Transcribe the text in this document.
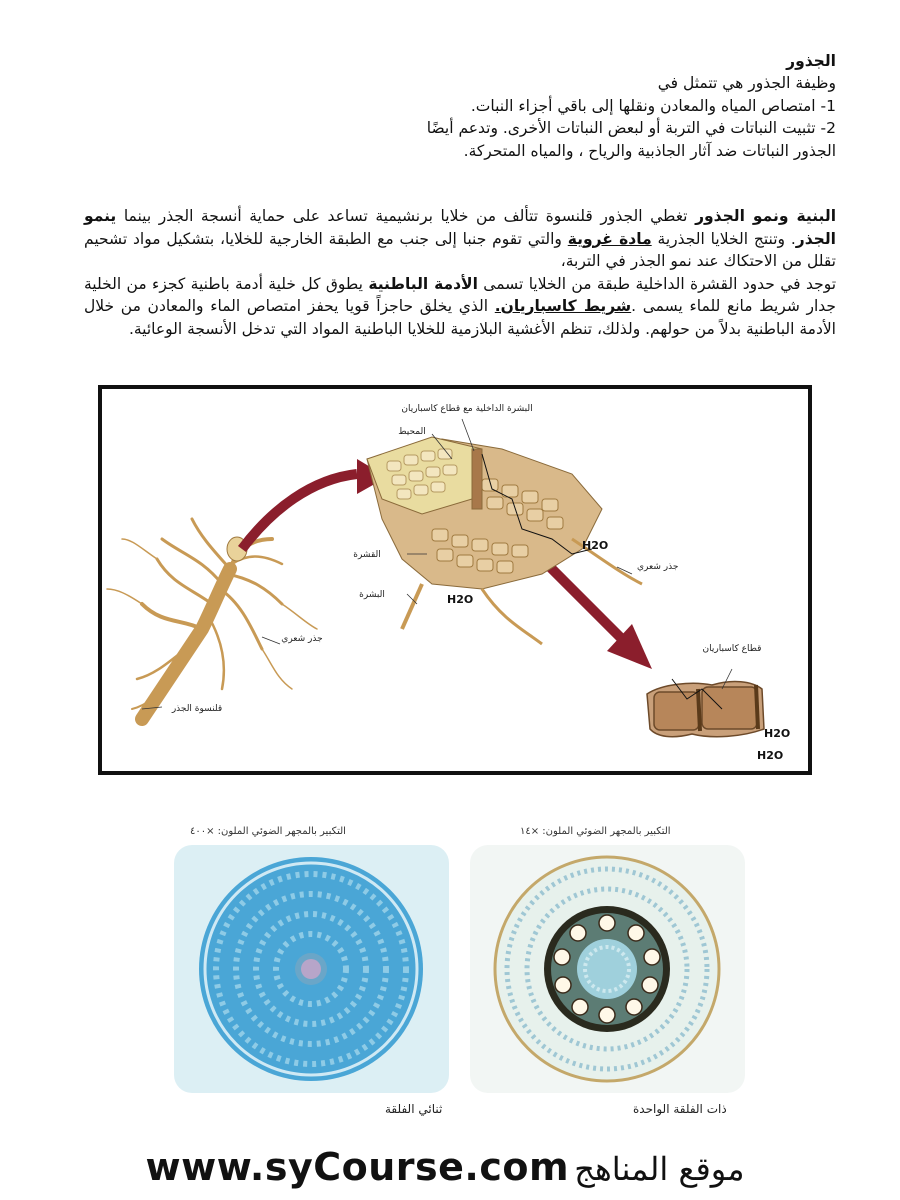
الجذور
وظيفة الجذور هي تتمثل في
1- امتصاص المياه والمعادن ونقلها إلى باقي أجزاء النبات.
2- تثبيت النباتات في التربة أو لبعض النباتات الأخرى. وتدعم أيضًا
الجذور النباتات ضد آثار الجاذبية والرياح ، والمياه المتحركة.
البنية ونمو الجذور تغطي الجذور قلنسوة تتألف من خلايا برنشيمية تساعد على حماية أنسجة الجذر بينما ينمو الجذر. وتنتج الخلايا الجذرية مادة غروية والتي تقوم جنبا إلى جنب مع الطبقة الخارجية للخلايا، بتشكيل مواد تشحيم تقلل من الاحتكاك عند نمو الجذر في التربة،
توجد في حدود القشرة الداخلية طبقة من الخلايا تسمى الأدمة الباطنية يطوق كل خلية أدمة باطنية كجزء من الخلية جدار شريط مانع للماء يسمى .شريط كاسباريان. الذي يخلق حاجزاً قويا يحفز امتصاص الماء والمعادن من خلال الأدمة الباطنية بدلاً من حولهم. ولذلك، تنظم الأغشية البلازمية للخلايا الباطنية المواد التي تدخل الأنسجة الوعائية.
البشرة الداخلية مع قطاع كاسباريان
المحيط
القشرة
البشرة
جذر شعري
جذر شعري
قلنسوة الجذر
قطاع كاسباريان
H2O
H2O
H2O
H2O
التكبير بالمجهر الضوئي الملون: ×٤٠٠	التكبير بالمجهر الضوئي الملون: ×١٤
ثنائي الفلقة	ذات الفلقة الواحدة
www.syCourse.com موقع المناهج
